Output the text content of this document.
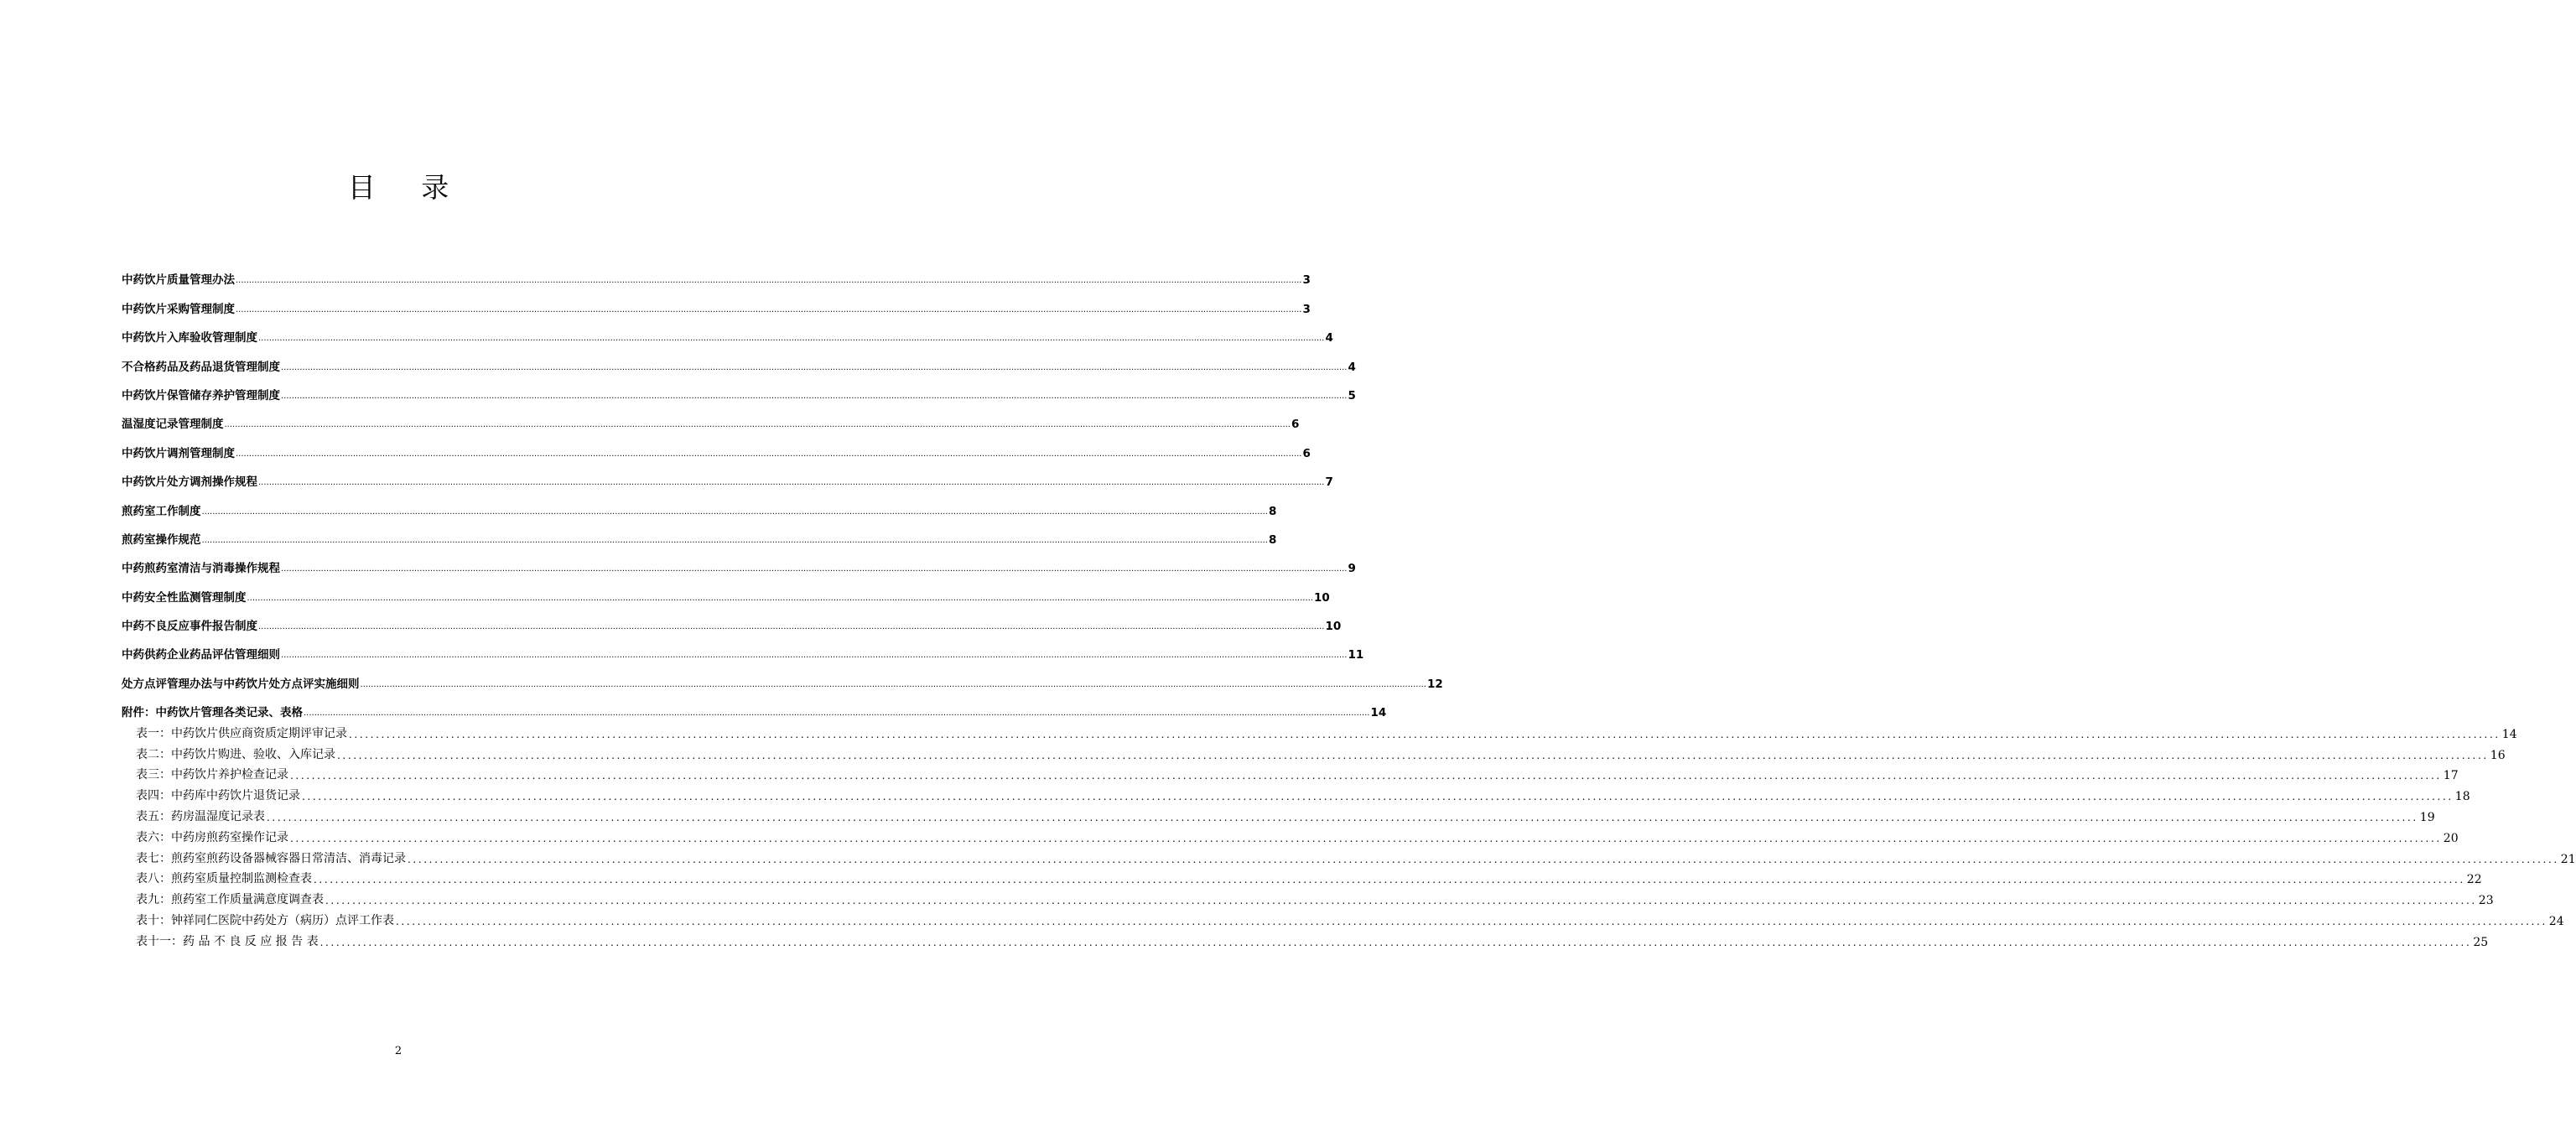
目 录
中药饮片质量管理办法 ................................................................................................................................................................................................................................................................................................................................................................................................................ 3
中药饮片采购管理制度 ................................................................................................................................................................................................................................................................................................................................................................................................................ 3
中药饮片入库验收管理制度 ................................................................................................................................................................................................................................................................................................................................................................................................................ 4
不合格药品及药品退货管理制度 ................................................................................................................................................................................................................................................................................................................................................................................................................ 4
中药饮片保管储存养护管理制度 ................................................................................................................................................................................................................................................................................................................................................................................................................ 5
温湿度记录管理制度 ................................................................................................................................................................................................................................................................................................................................................................................................................ 6
中药饮片调剂管理制度 ................................................................................................................................................................................................................................................................................................................................................................................................................ 6
中药饮片处方调剂操作规程 ................................................................................................................................................................................................................................................................................................................................................................................................................ 7
煎药室工作制度 ................................................................................................................................................................................................................................................................................................................................................................................................................ 8
煎药室操作规范 ................................................................................................................................................................................................................................................................................................................................................................................................................ 8
中药煎药室清洁与消毒操作规程 ................................................................................................................................................................................................................................................................................................................................................................................................................ 9
中药安全性监测管理制度 ................................................................................................................................................................................................................................................................................................................................................................................................................ 10
中药不良反应事件报告制度 ................................................................................................................................................................................................................................................................................................................................................................................................................ 10
中药供药企业药品评估管理细则 ................................................................................................................................................................................................................................................................................................................................................................................................................ 11
处方点评管理办法与中药饮片处方点评实施细则 ................................................................................................................................................................................................................................................................................................................................................................................................................ 12
附件：中药饮片管理各类记录、表格 ................................................................................................................................................................................................................................................................................................................................................................................................................ 14
表一：中药饮片供应商资质定期评审记录 ................................................................................................................................................................................................................................................................................................................................................................................................................ 14
表二：中药饮片购进、验收、入库记录 ................................................................................................................................................................................................................................................................................................................................................................................................................ 16
表三：中药饮片养护检查记录 ................................................................................................................................................................................................................................................................................................................................................................................................................ 17
表四：中药库中药饮片退货记录 ................................................................................................................................................................................................................................................................................................................................................................................................................ 18
表五：药房温湿度记录表 ................................................................................................................................................................................................................................................................................................................................................................................................................ 19
表六：中药房煎药室操作记录 ................................................................................................................................................................................................................................................................................................................................................................................................................ 20
表七：煎药室煎药设备器械容器日常清洁、消毒记录 ................................................................................................................................................................................................................................................................................................................................................................................................................ 21
表八：煎药室质量控制监测检查表 ................................................................................................................................................................................................................................................................................................................................................................................................................ 22
表九：煎药室工作质量满意度调查表 ................................................................................................................................................................................................................................................................................................................................................................................................................ 23
表十：钟祥同仁医院中药处方（病历）点评工作表 ................................................................................................................................................................................................................................................................................................................................................................................................................ 24
表十一：药 品 不 良 反 应 报 告 表 ................................................................................................................................................................................................................................................................................................................................................................................................................ 25
2
